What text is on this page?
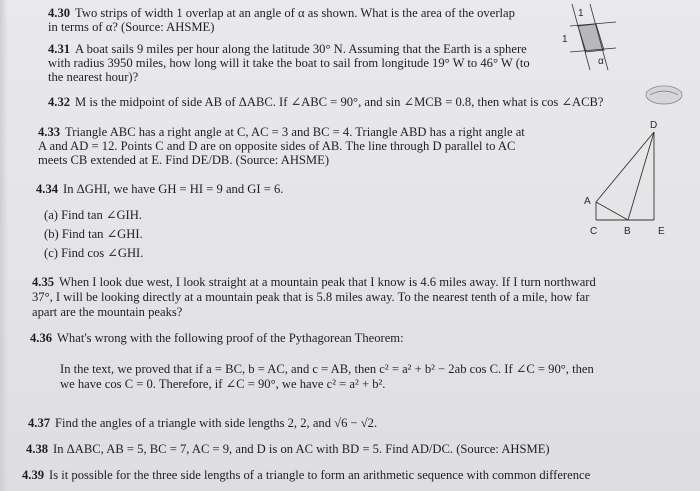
4.30 Two strips of width 1 overlap at an angle of α as shown. What is the area of the overlap
in terms of α? (Source: AHSME)
4.31 A boat sails 9 miles per hour along the latitude 30° N. Assuming that the Earth is a sphere
with radius 3950 miles, how long will it take the boat to sail from longitude 19° W to 46° W (to
the nearest hour)?
1
1
α
4.32 M is the midpoint of side AB of ΔABC. If ∠ABC = 90°, and sin ∠MCB = 0.8, then what is cos ∠ACB?
4.33 Triangle ABC has a right angle at C, AC = 3 and BC = 4. Triangle ABD has a right angle at
A and AD = 12. Points C and D are on opposite sides of AB. The line through D parallel to AC
meets CB extended at E. Find DE/DB. (Source: AHSME)
D
A
C	B	E
4.34 In ΔGHI, we have GH = HI = 9 and GI = 6.
(a) Find tan ∠GIH.
(b) Find tan ∠GHI.
(c) Find cos ∠GHI.
4.35 When I look due west, I look straight at a mountain peak that I know is 4.6 miles away. If I turn northward
37°, I will be looking directly at a mountain peak that is 5.8 miles away. To the nearest tenth of a mile, how far
apart are the mountain peaks?
4.36 What's wrong with the following proof of the Pythagorean Theorem:
In the text, we proved that if a = BC, b = AC, and c = AB, then c² = a² + b² − 2ab cos C. If ∠C = 90°, then
we have cos C = 0. Therefore, if ∠C = 90°, we have c² = a² + b².
4.37 Find the angles of a triangle with side lengths 2, 2, and √6 − √2.
4.38 In ΔABC, AB = 5, BC = 7, AC = 9, and D is on AC with BD = 5. Find AD/DC. (Source: AHSME)
4.39 Is it possible for the three side lengths of a triangle to form an arithmetic sequence with common difference
